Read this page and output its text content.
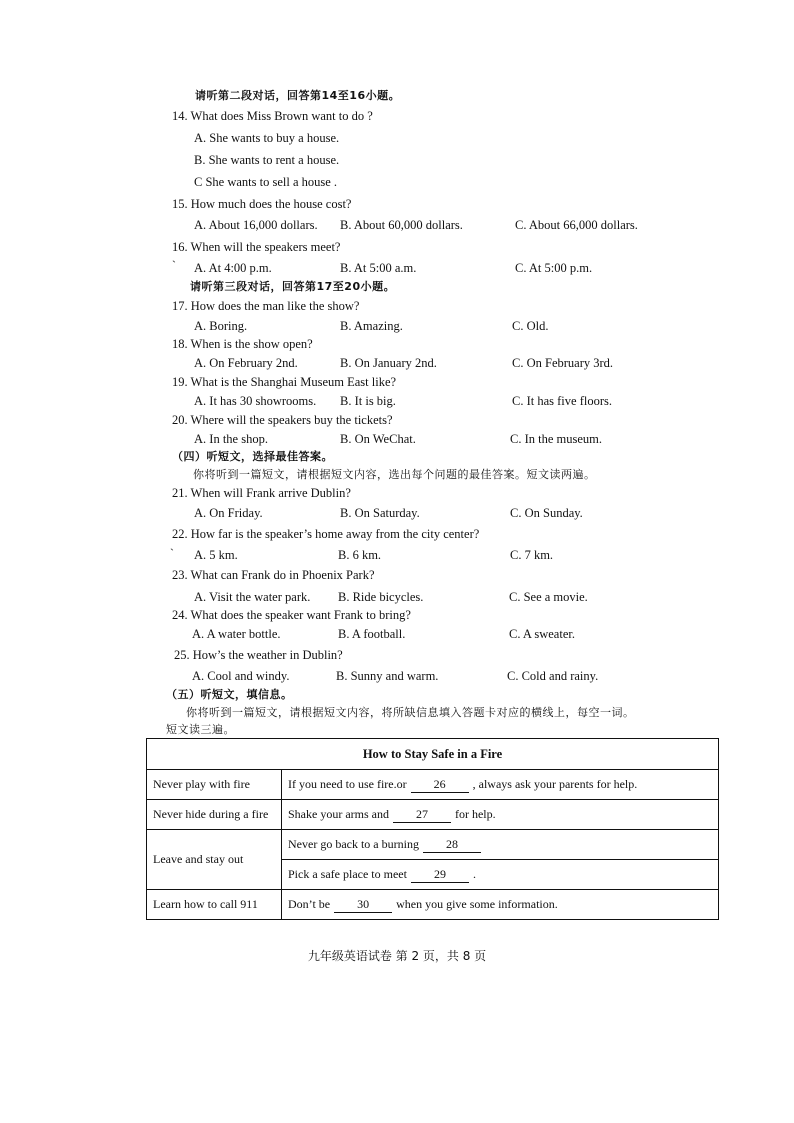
请听第二段对话，回答第14至16小题。
14. What does Miss Brown want to do ?
A. She wants to buy a house.
B. She wants to rent a house.
C She wants to sell a house .
15. How much does the house cost?
A. About 16,000 dollars. B. About 60,000 dollars.	C. About 66,000 dollars.
16. When will the speakers meet?
` A. At 4:00 p.m.	B. At 5:00 a.m.	C. At 5:00 p.m.
请听第三段对话，回答第17至20小题。
17. How does the man like the show?
A. Boring.	B. Amazing.	C. Old.
18. When is the show open?
A. On February 2nd.	B. On January 2nd.	C. On February 3rd.
19. What is the Shanghai Museum East like?
A. It has 30 showrooms. B. It is big.	C. It has five floors.
20. Where will the speakers buy the tickets?
A. In the shop.	B. On WeChat.	C. In the museum.
（四）听短文，选择最佳答案。
你将听到一篇短文，请根据短文内容，选出每个问题的最佳答案。短文读两遍。
21. When will Frank arrive Dublin?
A. On Friday.	B. On Saturday.	C. On Sunday.
22. How far is the speaker’s home away from the city center?
` A. 5 km.	B. 6 km.	C. 7 km.
23. What can Frank do in Phoenix Park?
A. Visit the water park. B. Ride bicycles.	C. See a movie.
24. What does the speaker want Frank to bring?
A. A water bottle.	B. A football.	C. A sweater.
25. How’s the weather in Dublin?
A. Cool and windy.	B. Sunny and warm.	C. Cold and rainy.
（五）听短文，填信息。
你将听到一篇短文，请根据短文内容，将所缺信息填入答题卡对应的横线上，每空一词。
短文读三遍。
How to Stay Safe in a Fire	
Never play with fire	If you need to use fire.or 26 , always ask your parents for help.
Never hide during a fire	Shake your arms and 27 for help.
Leave and stay out	Never go back to a burning 28
	Pick a safe place to meet 29 .
Learn how to call 911	Don’t be 30 when you give some information.
九年级英语试卷 第 2 页，共 8 页
